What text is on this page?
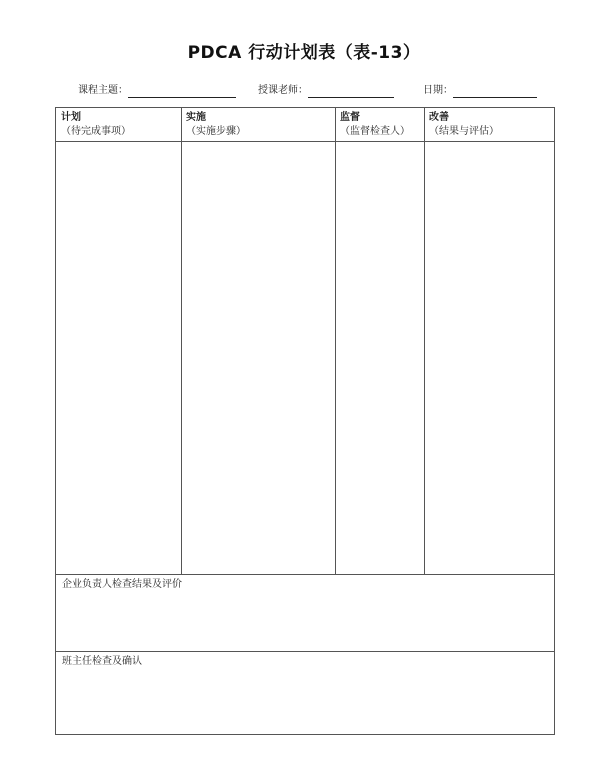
PDCA 行动计划表（表-13）
课程主题：	授课老师：	日期：
计划
（待完成事项）
实施
（实施步骤）
监督
（监督检查人）
改善
（结果与评估）
企业负责人检查结果及评价
班主任检查及确认
